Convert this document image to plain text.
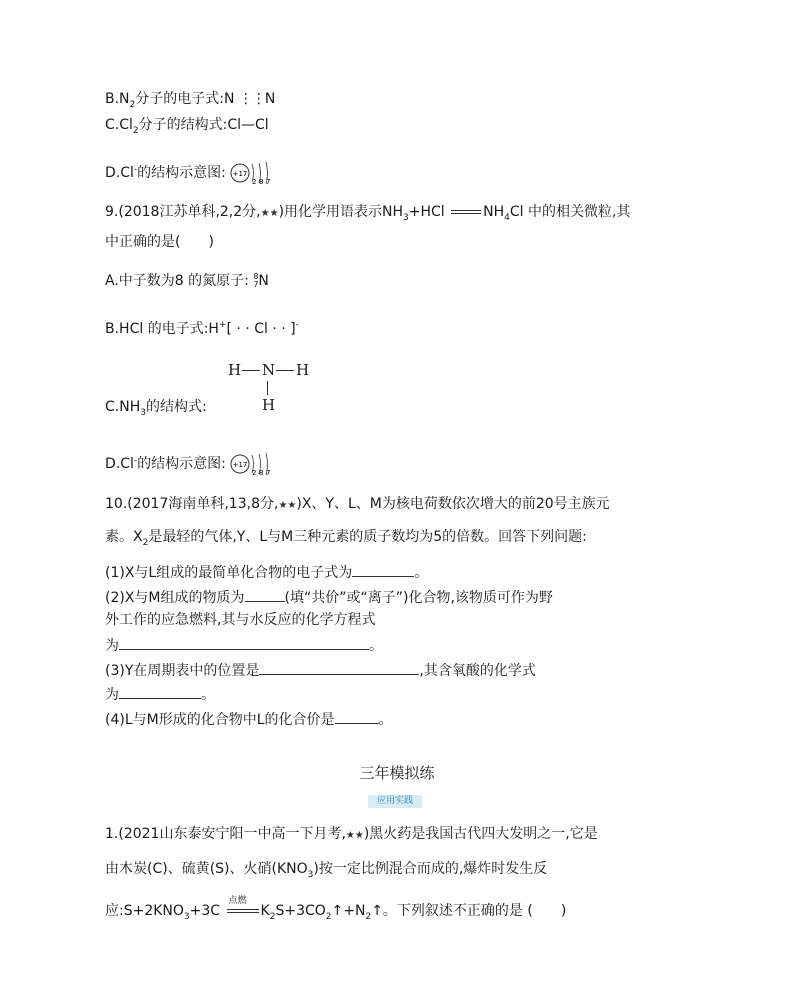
$B.N_2$分子的电子式:N ⋮⋮N
$C.Cl_2$分子的结构式:Cl—Cl
D.Cl-的结构示意图: +17
2 8 7
9.(2018江苏单科,2,2分,★★)用化学用语表示$NH_3+HCl$	$NH_4Cl$ 中的相关微粒,其
中正确的是(　　)
A.中子数为8 的氮原子: 8
7 N
B.HCl 的电子式:H+[ · · Cl · · ]-
H N H
H
$C.NH_3$的结构式:
D.Cl-的结构示意图: +17
2 8 7
10.(2017海南单科,13,8分,★★)X、Y、L、M为核电荷数依次增大的前20号主族元
素。$X_2$是最轻的气体,Y、L与M三种元素的质子数均为5的倍数。回答下列问题:
(1)X与L组成的最简单化合物的电子式为	。
(2)X与M组成的物质为	(填“共价”或“离子”)化合物,该物质可作为野
外工作的应急燃料,其与水反应的化学方程式
为	。
(3)Y在周期表中的位置是	,其含氧酸的化学式
为	。
(4)L与M形成的化合物中L的化合价是	。
三年模拟练
应用实践
1.(2021山东泰安宁阳一中高一下月考,★★)黑火药是我国古代四大发明之一,它是
由木炭(C)、硫黄(S)、火硝$(KNO_3)$按一定比例混合而成的,爆炸时发生反
应$:S+2KNO_3+3C$
点燃
$K_2S+3CO_2↑+N_2↑$。下列叙述不正确的是 (　　)
